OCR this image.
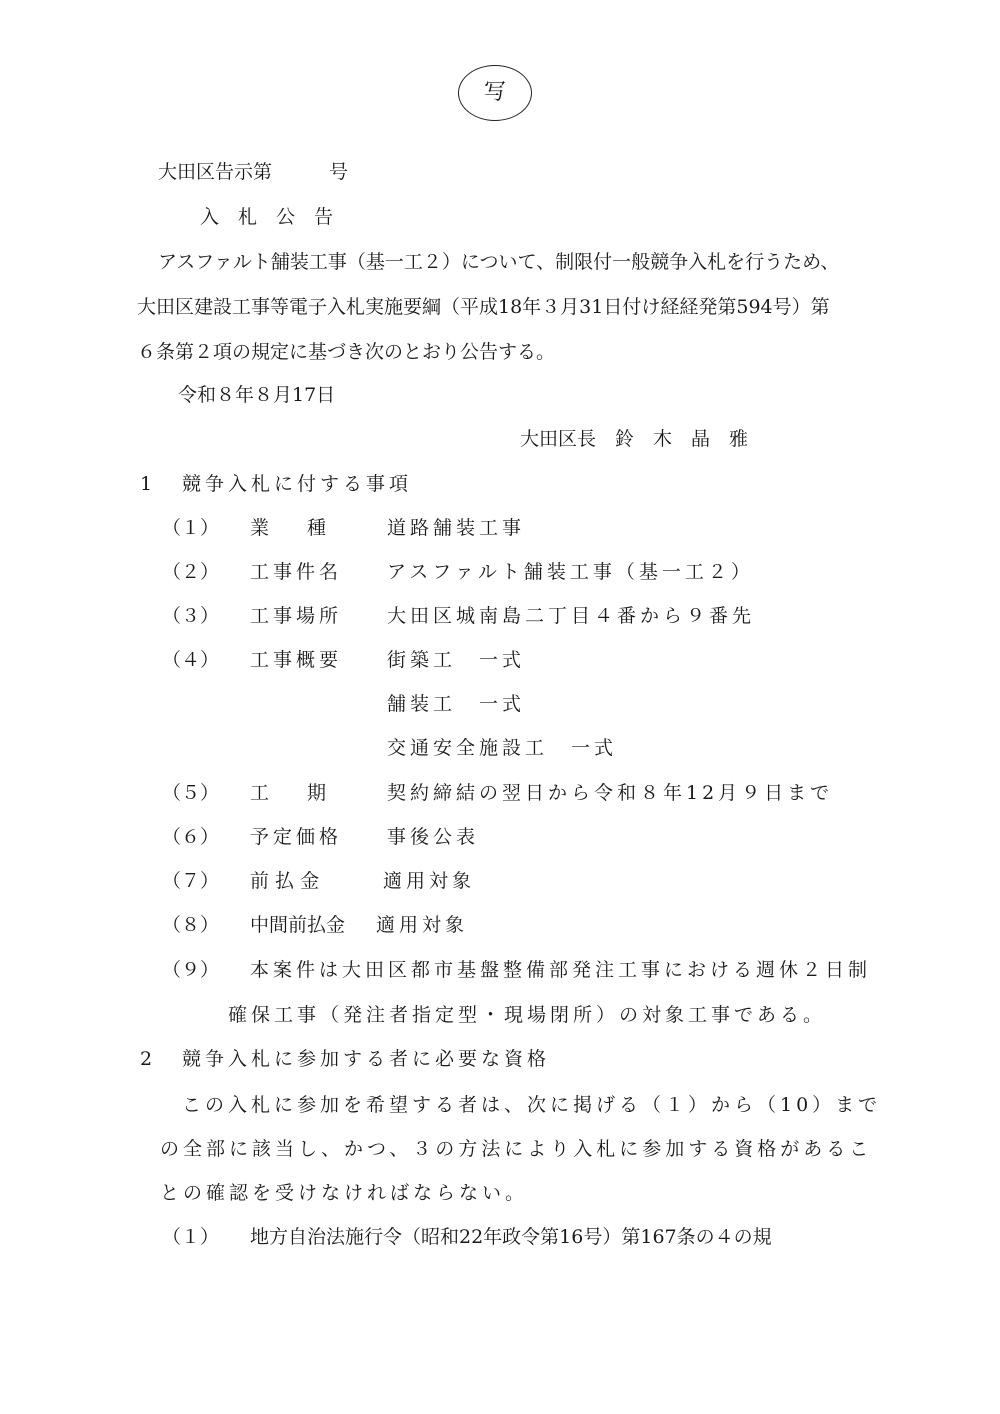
写
大田区告示第　　　号
入　札　公　告
アスファルト舗装工事（基一工２）について、制限付一般競争入札を行うため、
大田区建設工事等電子入札実施要綱（平成18年３月31日付け経経発第594号）第
６条第２項の規定に基づき次のとおり公告する。
令和８年８月17日
大田区長　鈴　木　晶　雅
1 競争入札に付する事項
（１） 業　　種	道路舗装工事
（２） 工事件名 アスファルト舗装工事（基一工２）
（３） 工事場所 大田区城南島二丁目４番から９番先
（４） 工事概要 街築工　一式
舗装工　一式
交通安全施設工　一式
（５） 工　　期	契約締結の翌日から令和８年12月９日まで
（６） 予定価格 事後公表
（７） 前 払 金	適用対象
（８） 中間前払金 適用対象
（９） 本案件は大田区都市基盤整備部発注工事における週休２日制
確保工事（発注者指定型・現場閉所）の対象工事である。
2 競争入札に参加する者に必要な資格
この入札に参加を希望する者は、次に掲げる（１）から（10）まで
の全部に該当し、かつ、３の方法により入札に参加する資格があるこ
との確認を受けなければならない。
（１） 地方自治法施行令（昭和22年政令第16号）第167条の４の規
